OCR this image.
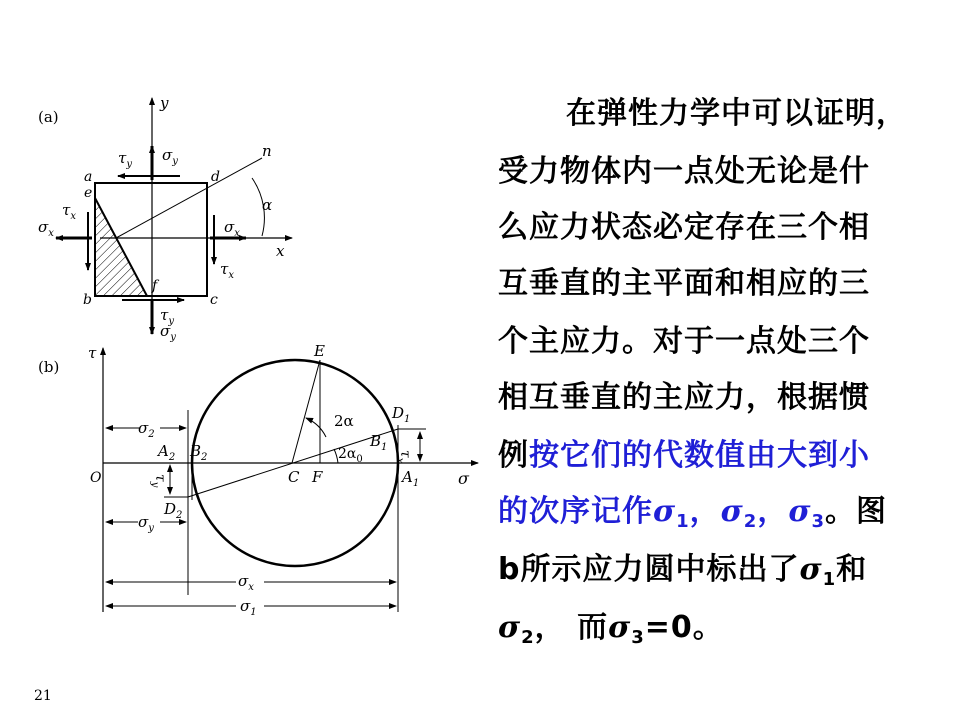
(a)
y
x
n
α
a
e
d
b	c
f
$\sigma_y$
$\tau_y$
$\sigma_x$
$\tau_x$
$\sigma_x$
$\tau_x$
$\tau_y$
$\sigma_y$
(b)
τ
σ
O
$\tau_x$
$\tau_y$
$\sigma_2$
$\sigma_y$
$\sigma_x$
$\sigma_1$
E
C F
$D_1$
$D_2$
$A_1$
$A_2$
$B_1$
$B_2$
2α
$2\alpha_0$
在弹性力学中可以证明，
受力物体内一点处无论是什
么应力状态必定存在三个相
互垂直的主平面和相应的三
个主应力。对于一点处三个
相互垂直的主应力，根据惯
例按它们的代数值由大到小
的次序记作$\sigma_1$，$\sigma_2$，$\sigma_3$。图
b所示应力圆中标出了$\sigma_1$和
$\sigma_2$， 而$\sigma_3=0$。
21
